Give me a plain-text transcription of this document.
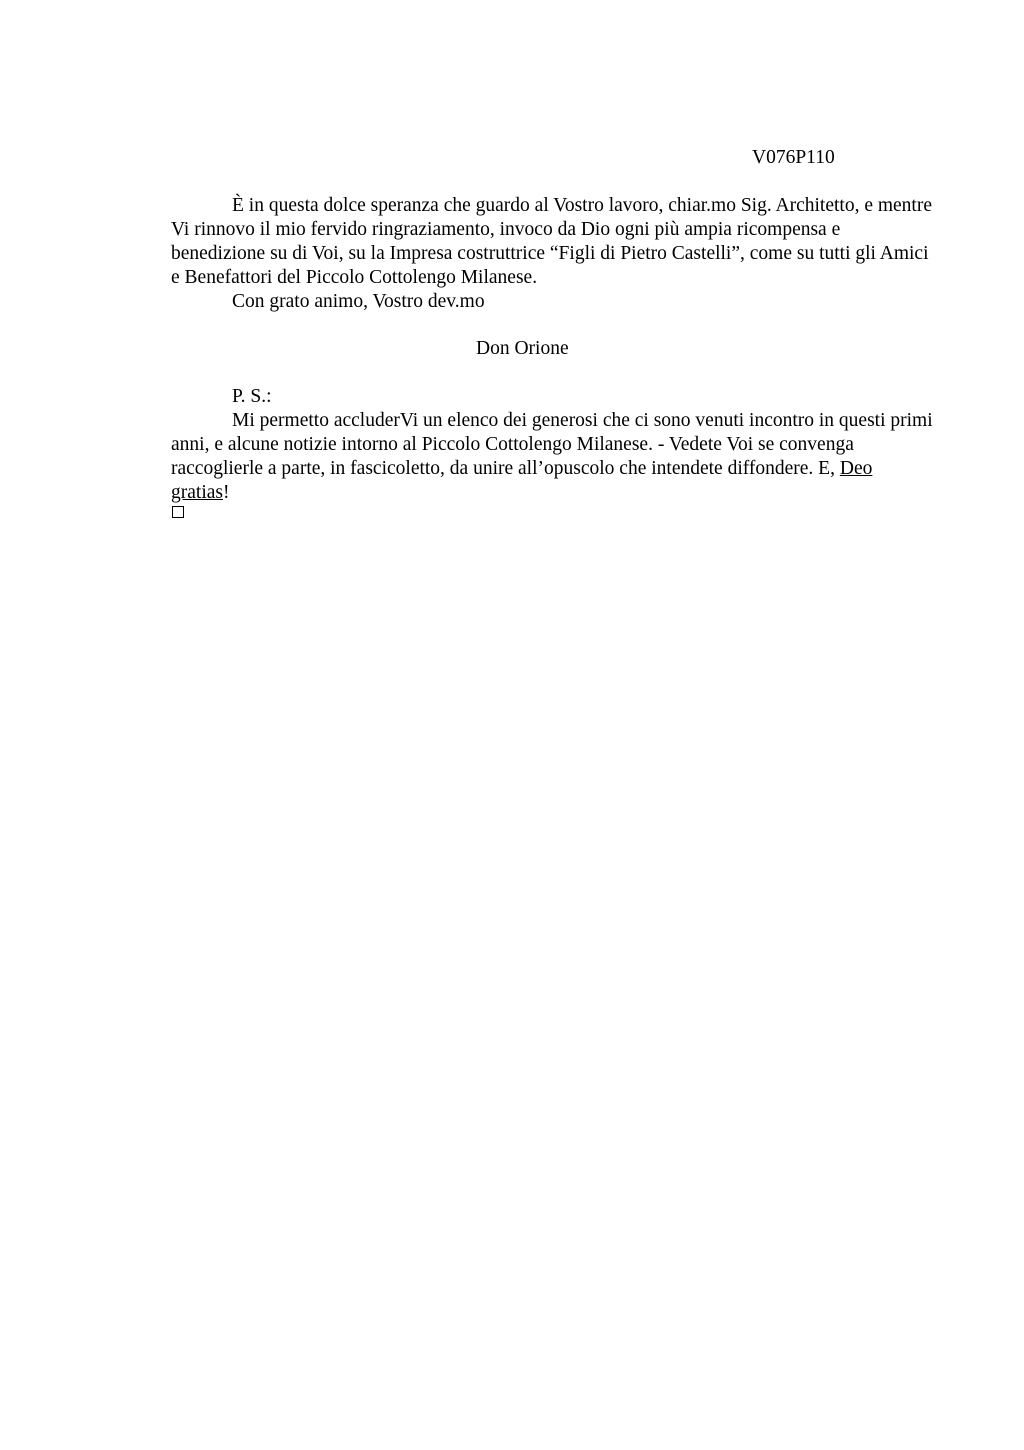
V076P110

È in questa dolce speranza che guardo al Vostro lavoro, chiar.mo Sig. Architetto, e mentre Vi rinnovo il mio fervido ringraziamento, invoco da Dio ogni più ampia ricompensa e benedizione su di Voi, su la Impresa costruttrice “Figli di Pietro Castelli”, come su tutti gli Amici e Benefattori del Piccolo Cottolengo Milanese.

Con grato animo, Vostro dev.mo

Don Orione

P. S.:

Mi permetto accluderVi un elenco dei generosi che ci sono venuti incontro in questi primi anni, e alcune notizie intorno al Piccolo Cottolengo Milanese. - Vedete Voi se convenga raccoglierle a parte, in fascicoletto, da unire all’opuscolo che intendete diffondere. E, Deo gratias!
